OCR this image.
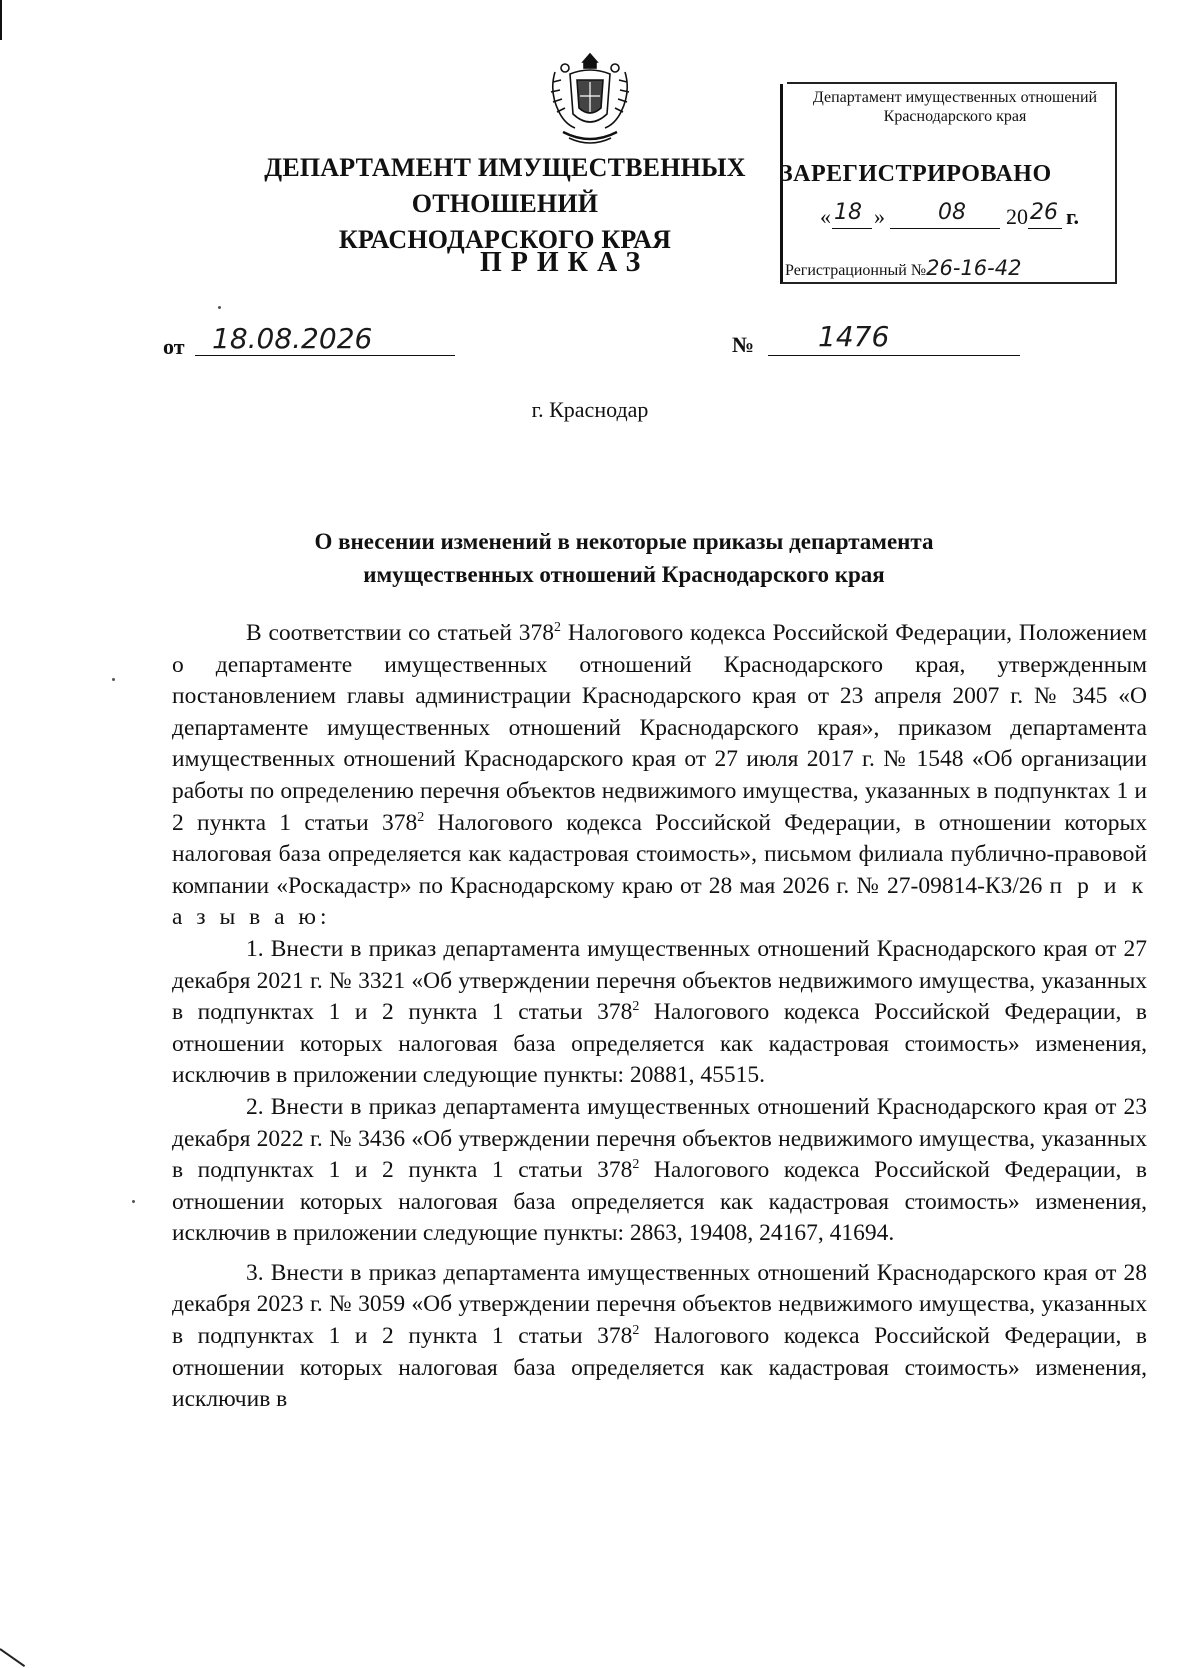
ДЕПАРТАМЕНТ ИМУЩЕСТВЕННЫХ ОТНОШЕНИЙ
КРАСНОДАРСКОГО КРАЯ
ПРИКАЗ
Департамент имущественных отношений Краснодарского края
ЗАРЕГИСТРИРОВАНО
« 18 » 08 20 26 г.
Регистрационный №26-16-42
от 18.08.2026	№ 1476
г. Краснодар
О внесении изменений в некоторые приказы департамента
имущественных отношений Краснодарского края

В соответствии со статьей $378^2$ Налогового кодекса Российской Федерации, Положением о департаменте имущественных отношений Краснодарского края, утвержденным постановлением главы администрации Краснодарского края от 23 апреля 2007 г. № 345 «О департаменте имущественных отношений Краснодарского края», приказом департамента имущественных отношений Краснодарского края от 27 июля 2017 г. № 1548 «Об организации работы по определению перечня объектов недвижимого имущества, указанных в подпунктах 1 и 2 пункта 1 статьи $378^2$ Налогового кодекса Российской Федерации, в отношении которых налоговая база определяется как кадастровая стоимость», письмом филиала публично-правовой компании «Роскадастр» по Краснодарскому краю от 28 мая 2026 г. № 27-09814-КЗ/26 п р и к а з ы в а ю:

1. Внести в приказ департамента имущественных отношений Краснодарского края от 27 декабря 2021 г. № 3321 «Об утверждении перечня объектов недвижимого имущества, указанных в подпунктах 1 и 2 пункта 1 статьи $378^2$ Налогового кодекса Российской Федерации, в отношении которых налоговая база определяется как кадастровая стоимость» изменения, исключив в приложении следующие пункты: 20881, 45515.

2. Внести в приказ департамента имущественных отношений Краснодарского края от 23 декабря 2022 г. № 3436 «Об утверждении перечня объектов недвижимого имущества, указанных в подпунктах 1 и 2 пункта 1 статьи $378^2$ Налогового кодекса Российской Федерации, в отношении которых налоговая база определяется как кадастровая стоимость» изменения, исключив в приложении следующие пункты: 2863, 19408, 24167, 41694.

3. Внести в приказ департамента имущественных отношений Краснодарского края от 28 декабря 2023 г. № 3059 «Об утверждении перечня объектов недвижимого имущества, указанных в подпунктах 1 и 2 пункта 1 статьи $378^2$ Налогового кодекса Российской Федерации, в отношении которых налоговая база определяется как кадастровая стоимость» изменения, исключив в
